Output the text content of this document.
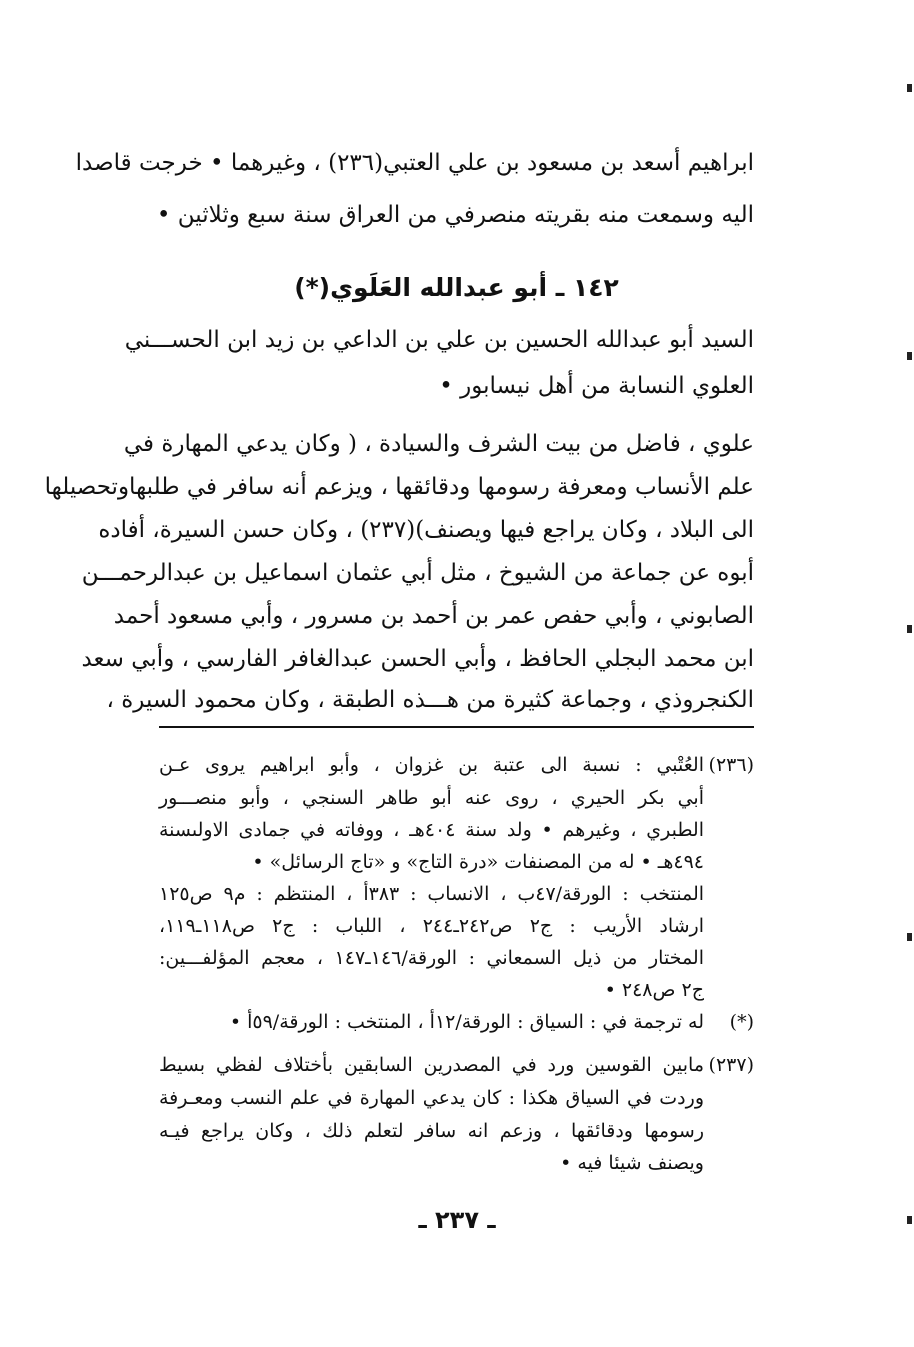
ابراهيم أسعد بن مسعود بن علي العتبي(٢٣٦) ، وغيرهما • خرجت قاصدا
اليه وسمعت منه بقريته منصرفي من العراق سنة سبع وثلاثين •
١٤٢ ـ أبو عبدالله العَلَوي(*)
السيد أبو عبدالله الحسين بن علي بن الداعي بن زيد ابن الحســـني
العلوي النسابة من أهل نيسابور •
علوي ، فاضل من بيت الشرف والسيادة ، ( وكان يدعي المهارة في
علم الأنساب ومعرفة رسومها ودقائقها ، ويزعم أنه سافر في طلبهاوتحصيلها
الى البلاد ، وكان يراجع فيها ويصنف)(٢٣٧) ، وكان حسن السيرة، أفاده
أبوه عن جماعة من الشيوخ ، مثل أبي عثمان اسماعيل بن عبدالرحمـــن
الصابوني ، وأبي حفص عمر بن أحمد بن مسرور ، وأبي مسعود أحمد
ابن محمد البجلي الحافظ ، وأبي الحسن عبدالغافر الفارسي ، وأبي سعد
الكنجروذي ، وجماعة كثيرة من هـــذه الطبقة ، وكان محمود السيرة ،
(٢٣٦)
العُتْبي : نسبة الى عتبة بن غزوان ، وأبو ابراهيم يروى عـن
أبي بكر الحيري ، روى عنه أبو طاهر السنجي ، وأبو منصـــور
الطبري ، وغيرهم • ولد سنة ٤٠٤هـ ، ووفاته في جمادى الاولىسنة
٤٩٤هـ • له من المصنفات «درة التاج» و «تاج الرسائل» •
المنتخب : الورقة/٤٧ب ، الانساب : ٣٨٣أ ، المنتظم : م٩ ص١٢٥
ارشاد الأريب : ج٢ ص٢٤٢ـ٢٤٤ ، اللباب : ج٢ ص١١٨ـ١١٩،
المختار من ذيل السمعاني : الورقة/١٤٦ـ١٤٧ ، معجم المؤلفـــين:
ج٢ ص٢٤٨ •
(*)
له ترجمة في : السياق : الورقة/١٢أ ، المنتخب : الورقة/٥٩أ •
(٢٣٧)
مابين القوسين ورد في المصدرين السابقين بأختلاف لفظي بسيط
وردت في السياق هكذا : كان يدعي المهارة في علم النسب ومعـرفة
رسومها ودقائقها ، وزعم انه سافر لتعلم ذلك ، وكان يراجع فيـه
ويصنف شيئا فيه •
ـ ٢٣٧ ـ
